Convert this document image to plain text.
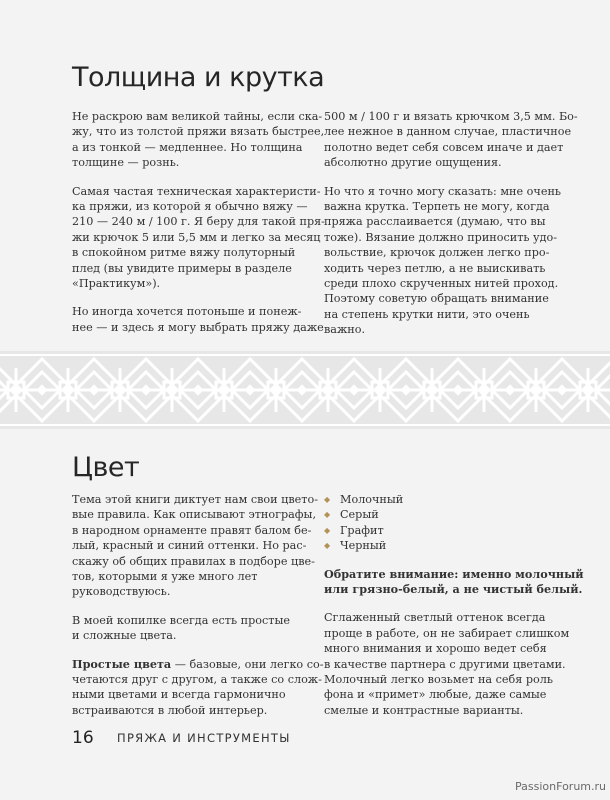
Толщина и крутка

Не раскрою вам великой тайны, если ска-
жу, что из толстой пряжи вязать быстрее,
а из тонкой — медленнее. Но толщина
толщине — рознь.

Самая частая техническая характеристи-
ка пряжи, из которой я обычно вяжу —
210 — 240 м / 100 г. Я беру для такой пря-
жи крючок 5 или 5,5 мм и легко за месяц
в спокойном ритме вяжу полуторный
плед (вы увидите примеры в разделе
«Практикум»).

Но иногда хочется потоньше и понеж-
нее — и здесь я могу выбрать пряжу даже

500 м / 100 г и вязать крючком 3,5 мм. Бо-
лее нежное в данном случае, пластичное
полотно ведет себя совсем иначе и дает
абсолютно другие ощущения.

Но что я точно могу сказать: мне очень
важна крутка. Терпеть не могу, когда
пряжа расслаивается (думаю, что вы
тоже). Вязание должно приносить удо-
вольствие, крючок должен легко про-
ходить через петлю, а не выискивать
среди плохо скрученных нитей проход.
Поэтому советую обращать внимание
на степень крутки нити, это очень
важно.

Цвет

Тема этой книги диктует нам свои цвето-
вые правила. Как описывают этнографы,
в народном орнаменте правят балом бе-
лый, красный и синий оттенки. Но рас-
скажу об общих правилах в подборе цве-
тов, которыми я уже много лет
руководствуюсь.

В моей копилке всегда есть простые
и сложные цвета.

Простые цвета — базовые, они легко со-
четаются друг с другом, а также со слож-
ными цветами и всегда гармонично
встраиваются в любой интерьер.

◆ Молочный
◆ Серый
◆ Графит
◆ Черный

Обратите внимание: именно молочный
или грязно-белый, а не чистый белый.

Сглаженный светлый оттенок всегда
проще в работе, он не забирает слишком
много внимания и хорошо ведет себя
в качестве партнера с другими цветами.
Молочный легко возьмет на себя роль
фона и «примет» любые, даже самые
смелые и контрастные варианты.

16 ПРЯЖА И ИНСТРУМЕНТЫ
PassionForum.ru
